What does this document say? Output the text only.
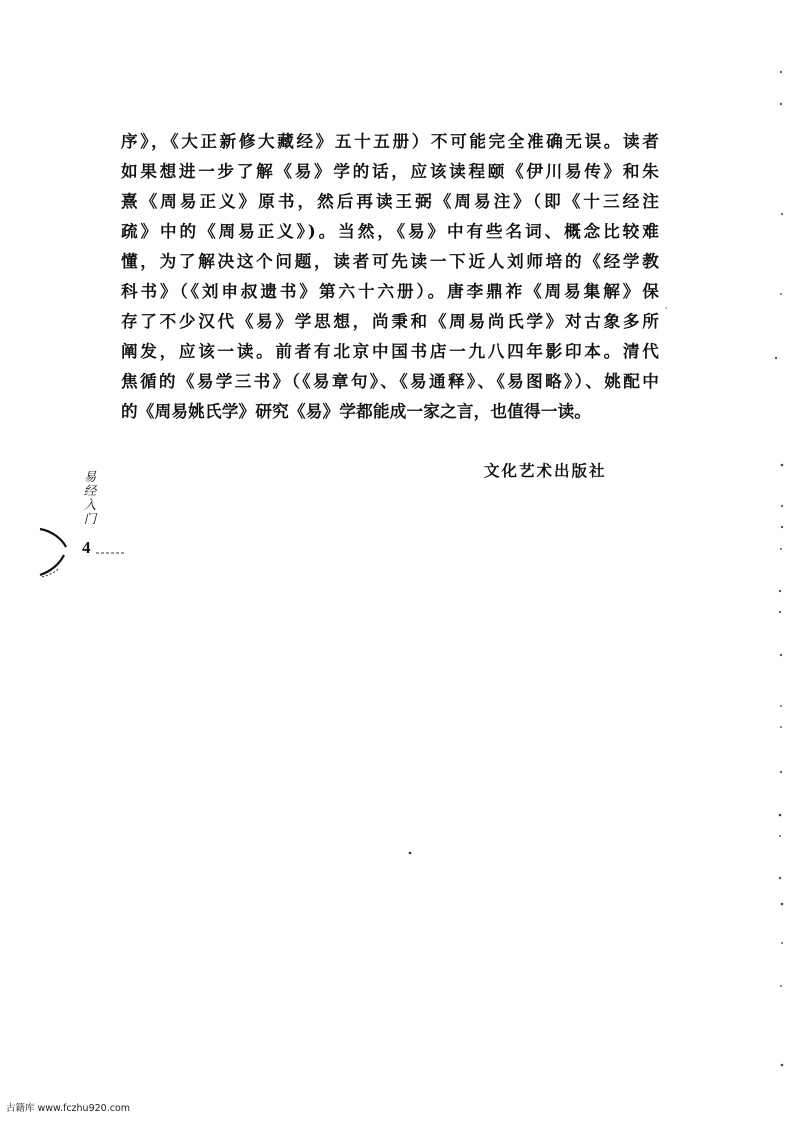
序》，《大正新修大藏经》五十五册）不可能完全准确无误。读者
如果想进一步了解《易》学的话，应该读程颐《伊川易传》和朱
熹《周易正义》原书，然后再读王弼《周易注》（即《十三经注
疏》中的《周易正义》)。当然，《易》中有些名词、概念比较难
懂，为了解决这个问题，读者可先读一下近人刘师培的《经学教
科书》（《刘申叔遗书》第六十六册）。唐李鼎祚《周易集解》保
存了不少汉代《易》学思想，尚秉和《周易尚氏学》对古象多所
阐发，应该一读。前者有北京中国书店一九八四年影印本。清代
焦循的《易学三书》（《易章句》、《易通释》、《易图略》）、姚配中
的《周易姚氏学》研究《易》学都能成一家之言，也值得一读。
文化艺术出版社
易经入门
4
古籍库 www.fczhu920.com
